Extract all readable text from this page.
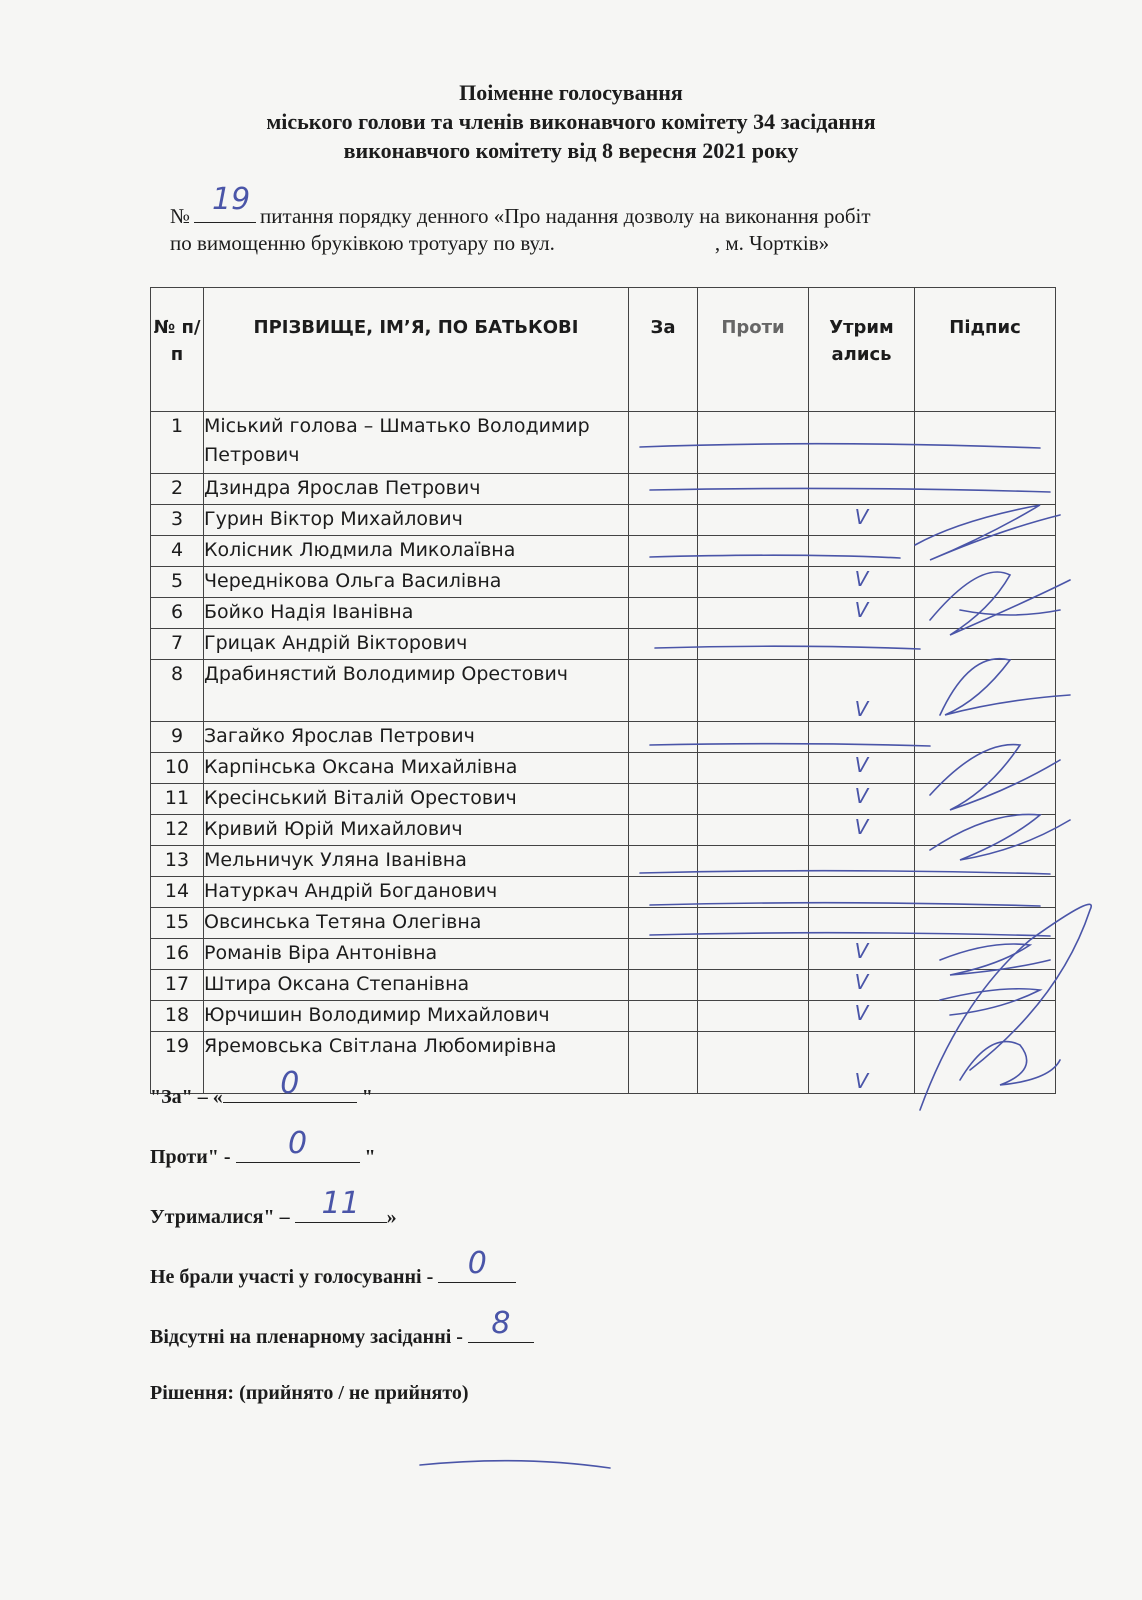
Поіменне голосування
міського голови та членів виконавчого комітету 34 засідання
виконавчого комітету від 8 вересня 2021 року
№ 19 питання порядку денного «Про надання дозволу на виконання робіт
по вимощенню бруківкою тротуару по вул.	, м. Чортків»
№ п/п	ПРІЗВИЩЕ, ІМ’Я, ПО БАТЬКОВІ	За	Проти	Утрим ались	Підпис
1	Міський голова – Шматько Володимир Петрович				
2	Дзиндра Ярослав Петрович				
3	Гурин Віктор Михайлович			V	
4	Колісник Людмила Миколаївна				
5	Череднікова Ольга Василівна			V	
6	Бойко Надія Іванівна			V	
7	Грицак Андрій Вікторович				
8	Драбинястий Володимир Орестович			V	
9	Загайко Ярослав Петрович				
10	Карпінська Оксана Михайлівна			V	
11	Кресінський Віталій Орестович			V	
12	Кривий Юрій Михайлович			V	
13	Мельничук Уляна Іванівна				
14	Натуркач Андрій Богданович				
15	Овсинська Тетяна Олегівна				
16	Романів Віра Антонівна			V	
17	Штира Оксана Степанівна			V	
18	Юрчишин Володимир Михайлович			V	
19	Яремовська Світлана Любомирівна			V	
"За" – «	0	"
Проти" -	0	"
Утрималися" – 11	»
Не брали участі у голосуванні - 0
Відсутні на пленарному засіданні - 8
Рішення: (прийнято / не прийнято)
